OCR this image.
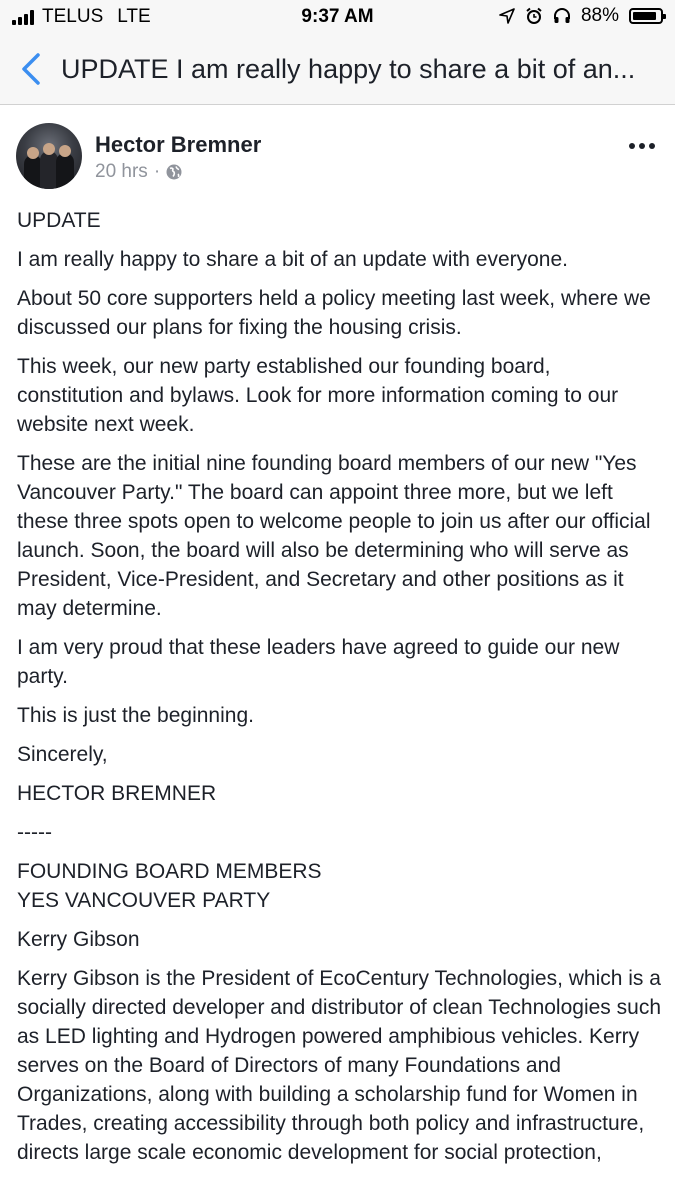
TELUS LTE	9:37 AM	88%
UPDATE I am really happy to share a bit of an...
Hector Bremner
20 hrs ·

UPDATE

I am really happy to share a bit of an update with everyone.

About 50 core supporters held a policy meeting last week, where we discussed our plans for fixing the housing crisis.

This week, our new party established our founding board, constitution and bylaws. Look for more information coming to our website next week.

These are the initial nine founding board members of our new "Yes Vancouver Party." The board can appoint three more, but we left these three spots open to welcome people to join us after our official launch. Soon, the board will also be determining who will serve as President, Vice-President, and Secretary and other positions as it may determine.

I am very proud that these leaders have agreed to guide our new party.

This is just the beginning.

Sincerely,

HECTOR BREMNER

-----

FOUNDING BOARD MEMBERS

YES VANCOUVER PARTY

Kerry Gibson

Kerry Gibson is the President of EcoCentury Technologies, which is a socially directed developer and distributor of clean Technologies such as LED lighting and Hydrogen powered amphibious vehicles. Kerry serves on the Board of Directors of many Foundations and Organizations, along with building a scholarship fund for Women in Trades, creating accessibility through both policy and infrastructure, directs large scale economic development for social protection,
